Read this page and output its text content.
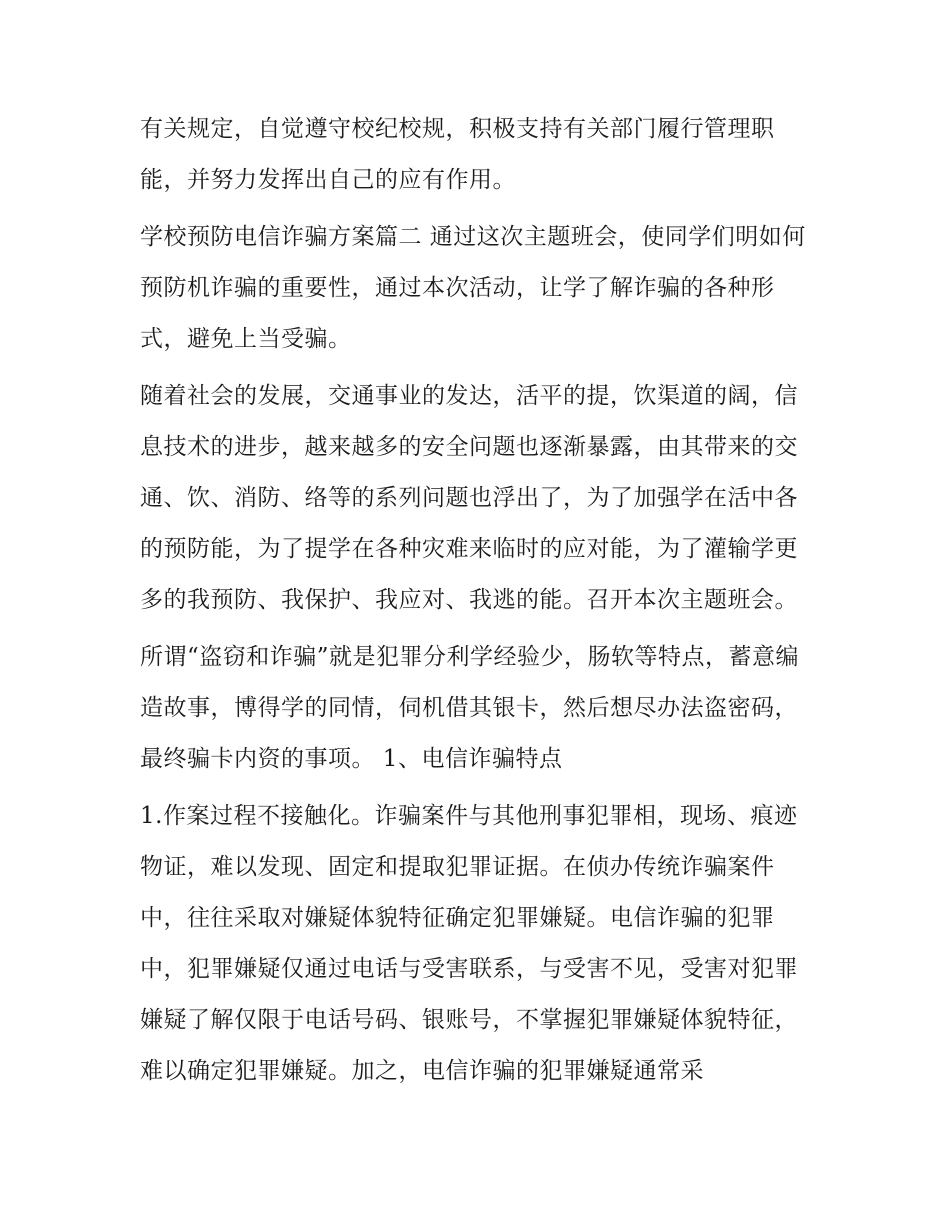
有关规定，自觉遵守校纪校规，积极支持有关部门履行管理职能，并努力发挥出自己的应有作用。

学校预防电信诈骗方案篇二 通过这次主题班会，使同学们明如何预防机诈骗的重要性，通过本次活动，让学了解诈骗的各种形式，避免上当受骗。

随着社会的发展，交通事业的发达，活平的提，饮渠道的阔，信息技术的进步，越来越多的安全问题也逐渐暴露，由其带来的交通、饮、消防、络等的系列问题也浮出了，为了加强学在活中各的预防能，为了提学在各种灾难来临时的应对能，为了灌输学更多的我预防、我保护、我应对、我逃的能。召开本次主题班会。

所谓“盗窃和诈骗”就是犯罪分利学经验少，肠软等特点，蓄意编造故事，博得学的同情，伺机借其银卡，然后想尽办法盗密码，最终骗卡内资的事项。 1、电信诈骗特点

1.作案过程不接触化。诈骗案件与其他刑事犯罪相，现场、痕迹物证，难以发现、固定和提取犯罪证据。在侦办传统诈骗案件中，往往采取对嫌疑体貌特征确定犯罪嫌疑。电信诈骗的犯罪中，犯罪嫌疑仅通过电话与受害联系，与受害不见，受害对犯罪嫌疑了解仅限于电话号码、银账号，不掌握犯罪嫌疑体貌特征，难以确定犯罪嫌疑。加之，电信诈骗的犯罪嫌疑通常采
